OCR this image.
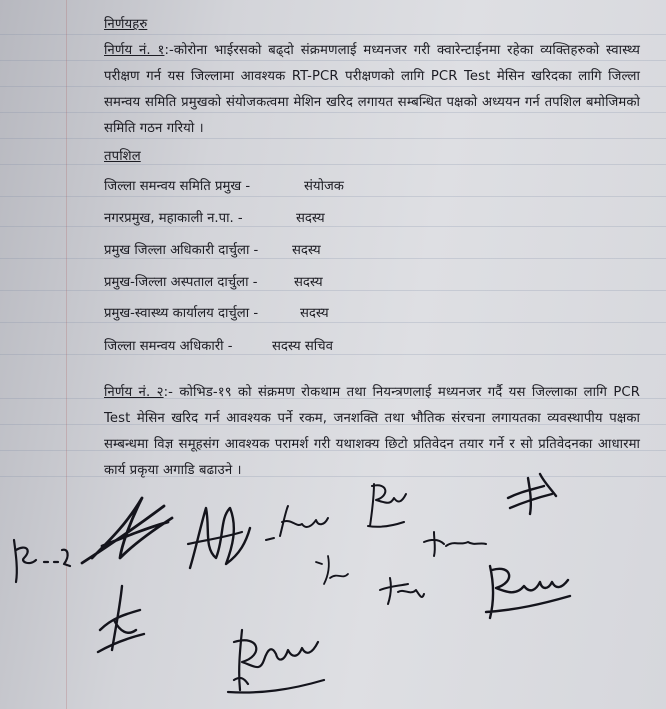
निर्णयहरु
निर्णय नं. १:-कोरोना भाईरसको बढ्दो संक्रमणलाई मध्यनजर गरी क्वारेन्टाईनमा रहेका व्यक्तिहरुको स्वास्थ्य परीक्षण गर्न यस जिल्लामा आवश्यक RT-PCR परीक्षणको लागि PCR Test मेसिन खरिदका लागि जिल्ला समन्वय समिति प्रमुखको संयोजकत्वमा मेशिन खरिद लगायत सम्बन्धित पक्षको अध्ययन गर्न तपशिल बमोजिमको समिति गठन गरियो ।
तपशिल
जिल्ला समन्वय समिति प्रमुख -	संयोजक
नगरप्रमुख, महाकाली न.पा. -	सदस्य
प्रमुख जिल्ला अधिकारी दार्चुला -	सदस्य
प्रमुख-जिल्ला अस्पताल दार्चुला -	सदस्य
प्रमुख-स्वास्थ्य कार्यालय दार्चुला -	सदस्य
जिल्ला समन्वय अधिकारी -	सदस्य सचिव
निर्णय नं. २:- कोभिड-१९ को संक्रमण रोकथाम तथा नियन्त्रणलाई मध्यनजर गर्दै यस जिल्लाका लागि PCR Test मेसिन खरिद गर्न आवश्यक पर्ने रकम, जनशक्ति तथा भौतिक संरचना लगायतका व्यवस्थापीय पक्षका सम्बन्धमा विज्ञ समूहसंग आवश्यक परामर्श गरी यथाशक्य छिटो प्रतिवेदन तयार गर्ने र सो प्रतिवेदनका आधारमा कार्य प्रकृया अगाडि बढाउने ।
